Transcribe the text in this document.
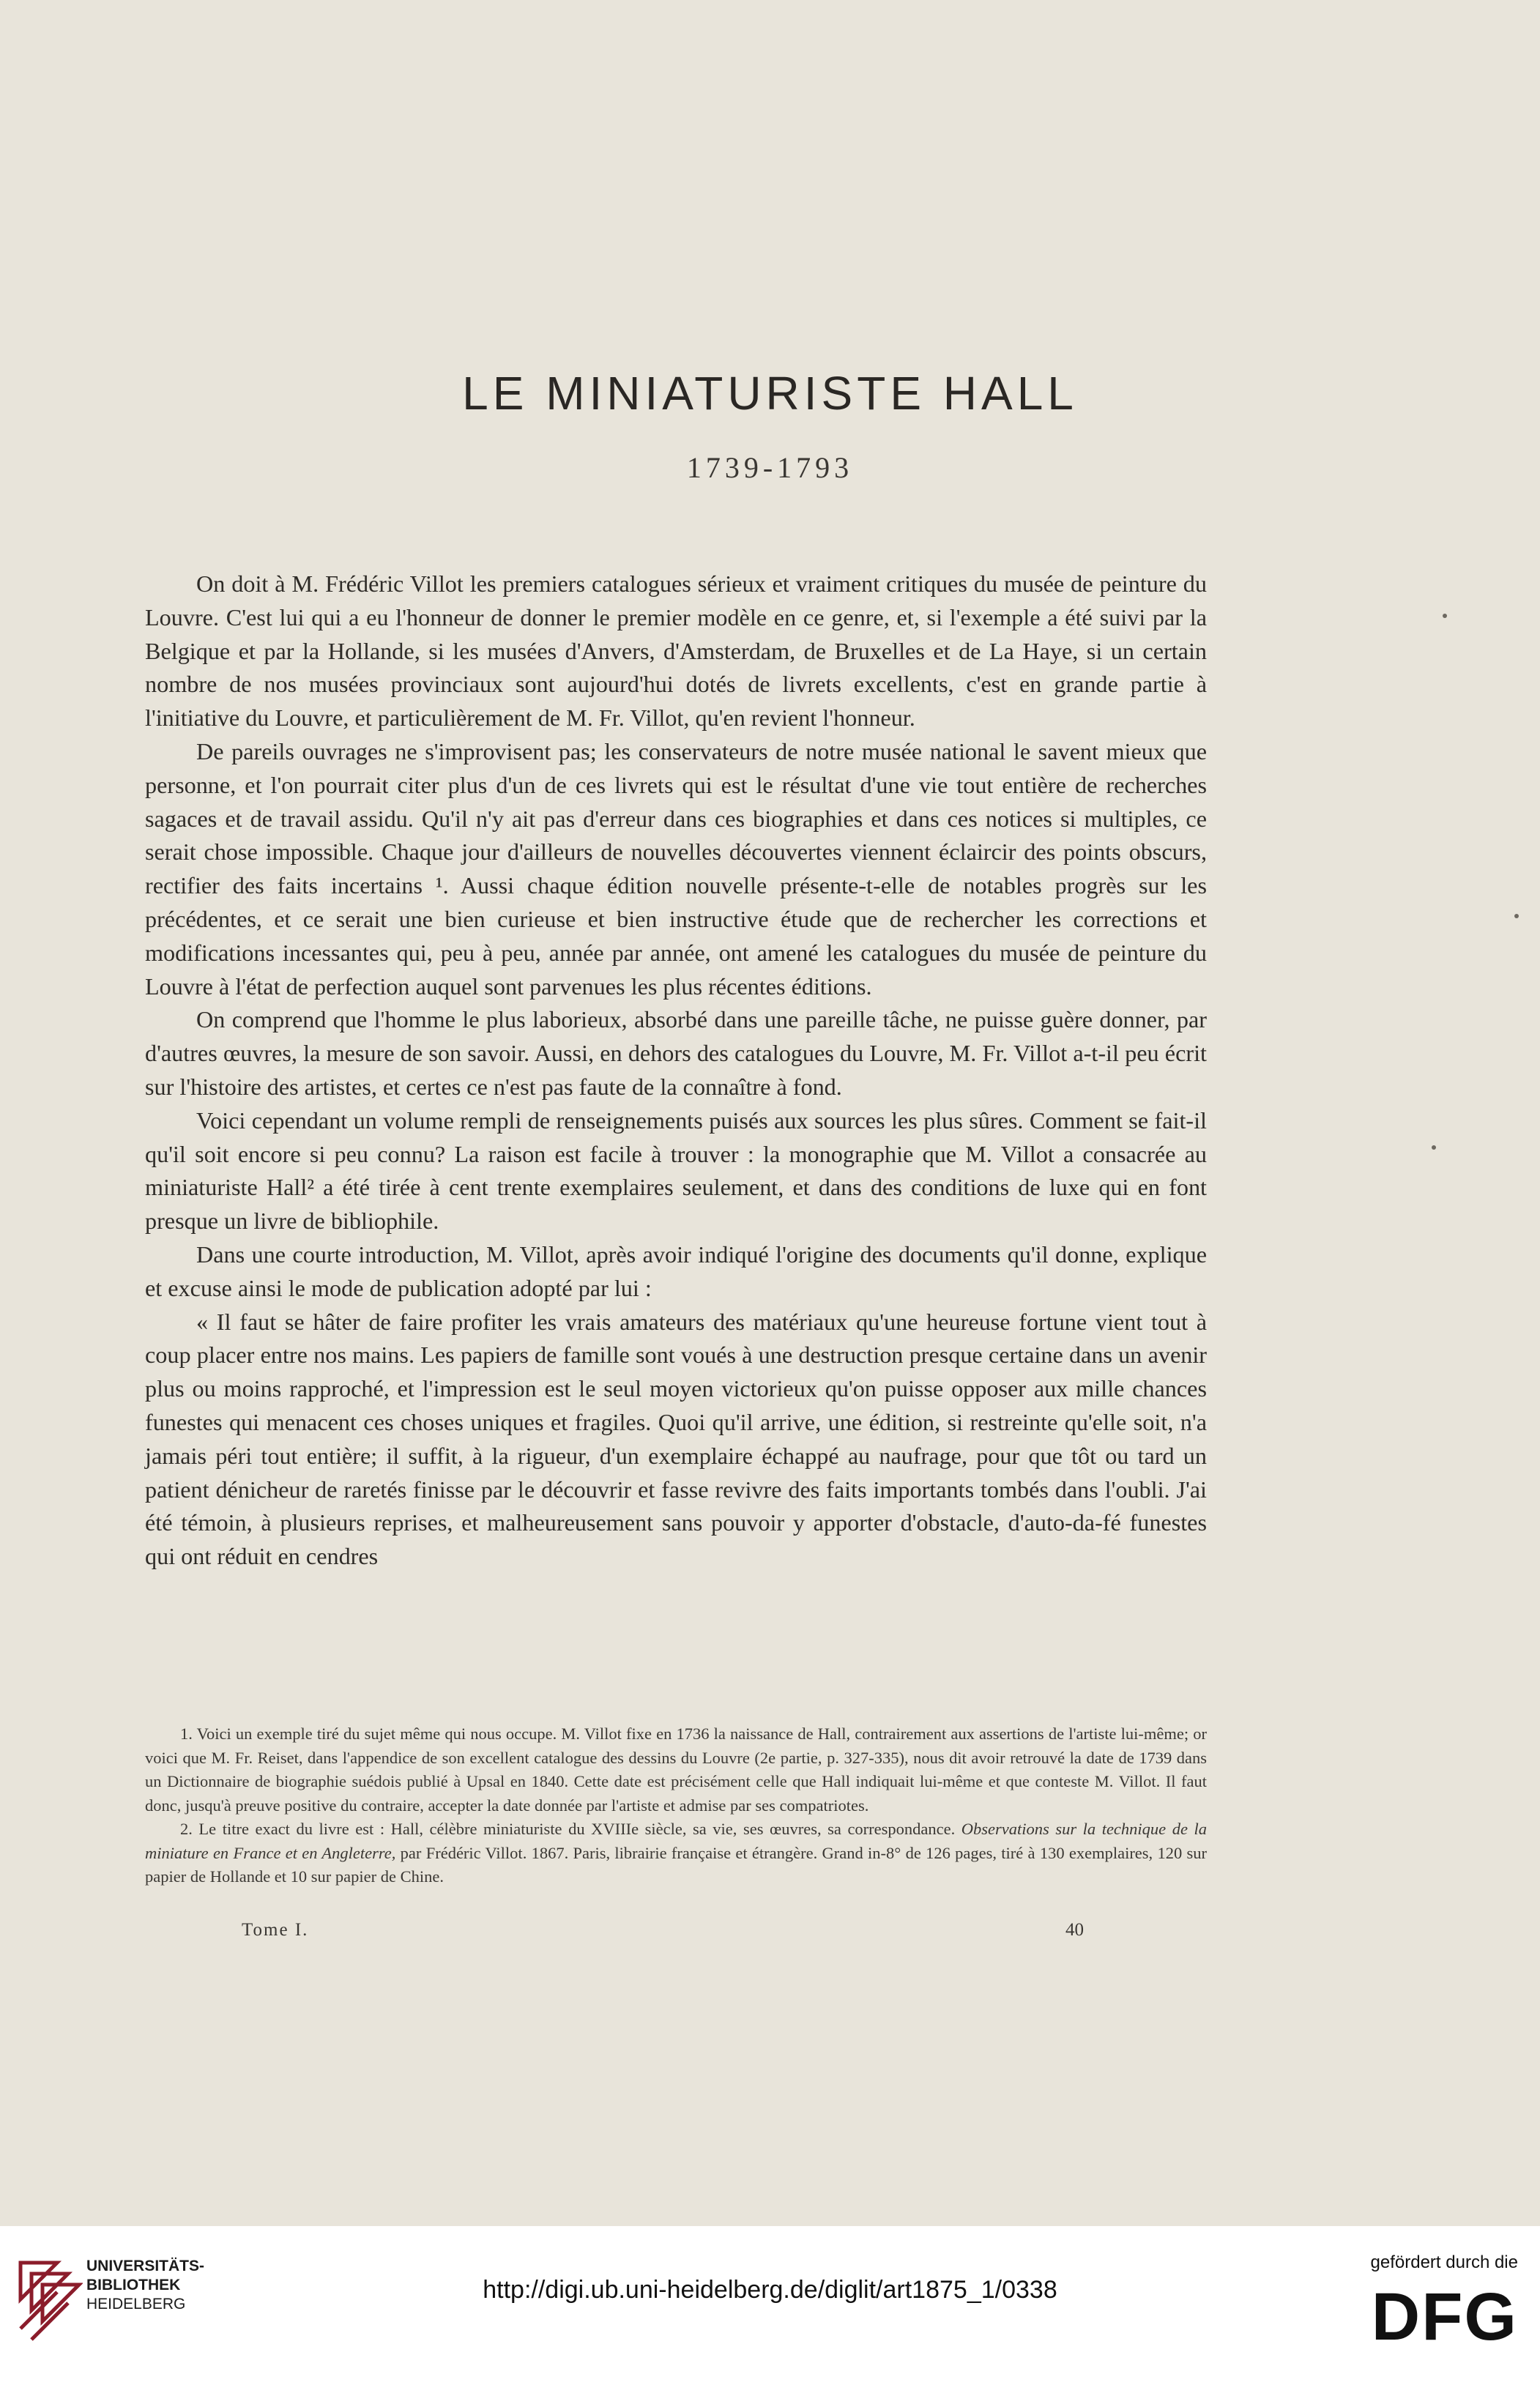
LE MINIATURISTE HALL
1739-1793

On doit à M. Frédéric Villot les premiers catalogues sérieux et vraiment critiques du musée de peinture du Louvre. C'est lui qui a eu l'honneur de donner le premier modèle en ce genre, et, si l'exemple a été suivi par la Belgique et par la Hollande, si les musées d'Anvers, d'Amsterdam, de Bruxelles et de La Haye, si un certain nombre de nos musées provinciaux sont aujourd'hui dotés de livrets excellents, c'est en grande partie à l'initiative du Louvre, et particulièrement de M. Fr. Villot, qu'en revient l'honneur.

De pareils ouvrages ne s'improvisent pas; les conservateurs de notre musée national le savent mieux que personne, et l'on pourrait citer plus d'un de ces livrets qui est le résultat d'une vie tout entière de recherches sagaces et de travail assidu. Qu'il n'y ait pas d'erreur dans ces biographies et dans ces notices si multiples, ce serait chose impossible. Chaque jour d'ailleurs de nouvelles découvertes viennent éclaircir des points obscurs, rectifier des faits incertains ¹. Aussi chaque édition nouvelle présente-t-elle de notables progrès sur les précédentes, et ce serait une bien curieuse et bien instructive étude que de rechercher les corrections et modifications incessantes qui, peu à peu, année par année, ont amené les catalogues du musée de peinture du Louvre à l'état de perfection auquel sont parvenues les plus récentes éditions.

On comprend que l'homme le plus laborieux, absorbé dans une pareille tâche, ne puisse guère donner, par d'autres œuvres, la mesure de son savoir. Aussi, en dehors des catalogues du Louvre, M. Fr. Villot a-t-il peu écrit sur l'histoire des artistes, et certes ce n'est pas faute de la connaître à fond.

Voici cependant un volume rempli de renseignements puisés aux sources les plus sûres. Comment se fait-il qu'il soit encore si peu connu? La raison est facile à trouver : la monographie que M. Villot a consacrée au miniaturiste Hall² a été tirée à cent trente exemplaires seulement, et dans des conditions de luxe qui en font presque un livre de bibliophile.

Dans une courte introduction, M. Villot, après avoir indiqué l'origine des documents qu'il donne, explique et excuse ainsi le mode de publication adopté par lui :

« Il faut se hâter de faire profiter les vrais amateurs des matériaux qu'une heureuse fortune vient tout à coup placer entre nos mains. Les papiers de famille sont voués à une destruction presque certaine dans un avenir plus ou moins rapproché, et l'impression est le seul moyen victorieux qu'on puisse opposer aux mille chances funestes qui menacent ces choses uniques et fragiles. Quoi qu'il arrive, une édition, si restreinte qu'elle soit, n'a jamais péri tout entière; il suffit, à la rigueur, d'un exemplaire échappé au naufrage, pour que tôt ou tard un patient dénicheur de raretés finisse par le découvrir et fasse revivre des faits importants tombés dans l'oubli. J'ai été témoin, à plusieurs reprises, et malheureusement sans pouvoir y apporter d'obstacle, d'auto-da-fé funestes qui ont réduit en cendres

1. Voici un exemple tiré du sujet même qui nous occupe. M. Villot fixe en 1736 la naissance de Hall, contrairement aux assertions de l'artiste lui-même; or voici que M. Fr. Reiset, dans l'appendice de son excellent catalogue des dessins du Louvre (2e partie, p. 327-335), nous dit avoir retrouvé la date de 1739 dans un Dictionnaire de biographie suédois publié à Upsal en 1840. Cette date est précisément celle que Hall indiquait lui-même et que conteste M. Villot. Il faut donc, jusqu'à preuve positive du contraire, accepter la date donnée par l'artiste et admise par ses compatriotes.

2. Le titre exact du livre est : Hall, célèbre miniaturiste du XVIIIe siècle, sa vie, ses œuvres, sa correspondance. Observations sur la technique de la miniature en France et en Angleterre, par Frédéric Villot. 1867. Paris, librairie française et étrangère. Grand in-8° de 126 pages, tiré à 130 exemplaires, 120 sur papier de Hollande et 10 sur papier de Chine.

Tome I.	40
UNIVERSITÄTS-
BIBLIOTHEK
HEIDELBERG
http://digi.ub.uni-heidelberg.de/diglit/art1875_1/0338
gefördert durch die
DFG
